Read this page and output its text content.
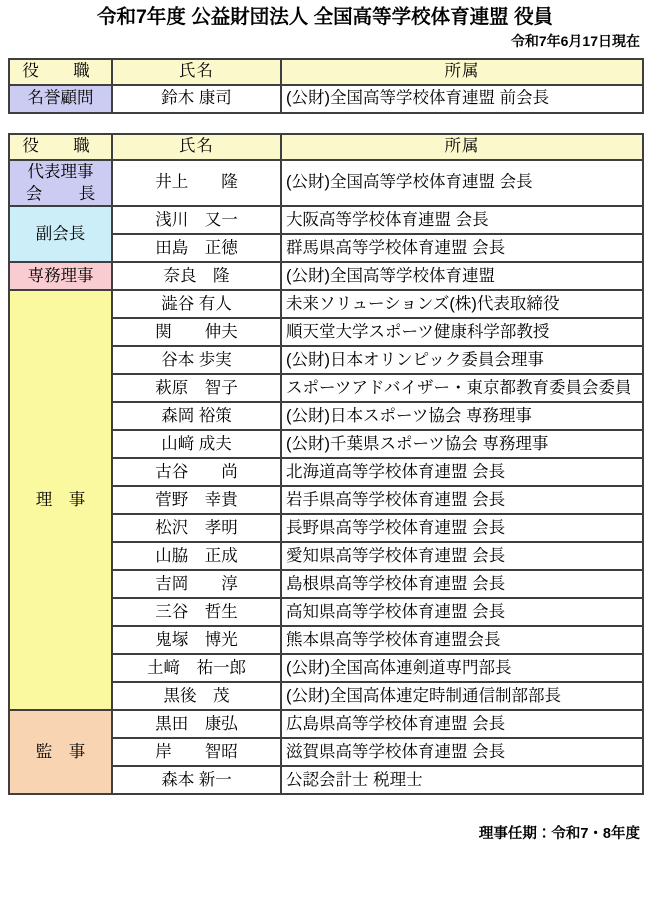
令和7年度 公益財団法人 全国高等学校体育連盟 役員
令和7年6月17日現在
役　職	氏名	所属
名誉顧問	鈴木 康司	(公財)全国高等学校体育連盟 前会長
役　職	氏名	所属

代表理事
会　長	井上　　隆	(公財)全国高等学校体育連盟 会長
副会長	浅川　又一	大阪高等学校体育連盟 会長
	田島　正徳	群馬県高等学校体育連盟 会長
専務理事	奈良　隆	(公財)全国高等学校体育連盟
理　事	澁谷 有人	未来ソリューションズ(株)代表取締役
	関　　伸夫	順天堂大学スポーツ健康科学部教授
	谷本 歩実	(公財)日本オリンピック委員会理事
	萩原　智子	スポーツアドバイザー・東京都教育委員会委員
	森岡 裕策	(公財)日本スポーツ協会 専務理事
	山﨑 成夫	(公財)千葉県スポーツ協会 専務理事
	古谷　　尚	北海道高等学校体育連盟 会長
	菅野　幸貴	岩手県高等学校体育連盟 会長
	松沢　孝明	長野県高等学校体育連盟 会長
	山脇　正成	愛知県高等学校体育連盟 会長
	吉岡　　淳	島根県高等学校体育連盟 会長
	三谷　哲生	高知県高等学校体育連盟 会長
	鬼塚　博光	熊本県高等学校体育連盟会長
	土﨑　祐一郎	(公財)全国高体連剣道専門部長
	黒後　茂	(公財)全国高体連定時制通信制部部長
監　事	黒田　康弘	広島県高等学校体育連盟 会長
	岸　　智昭	滋賀県高等学校体育連盟 会長
	森本 新一	公認会計士 税理士
理事任期：令和7・8年度
